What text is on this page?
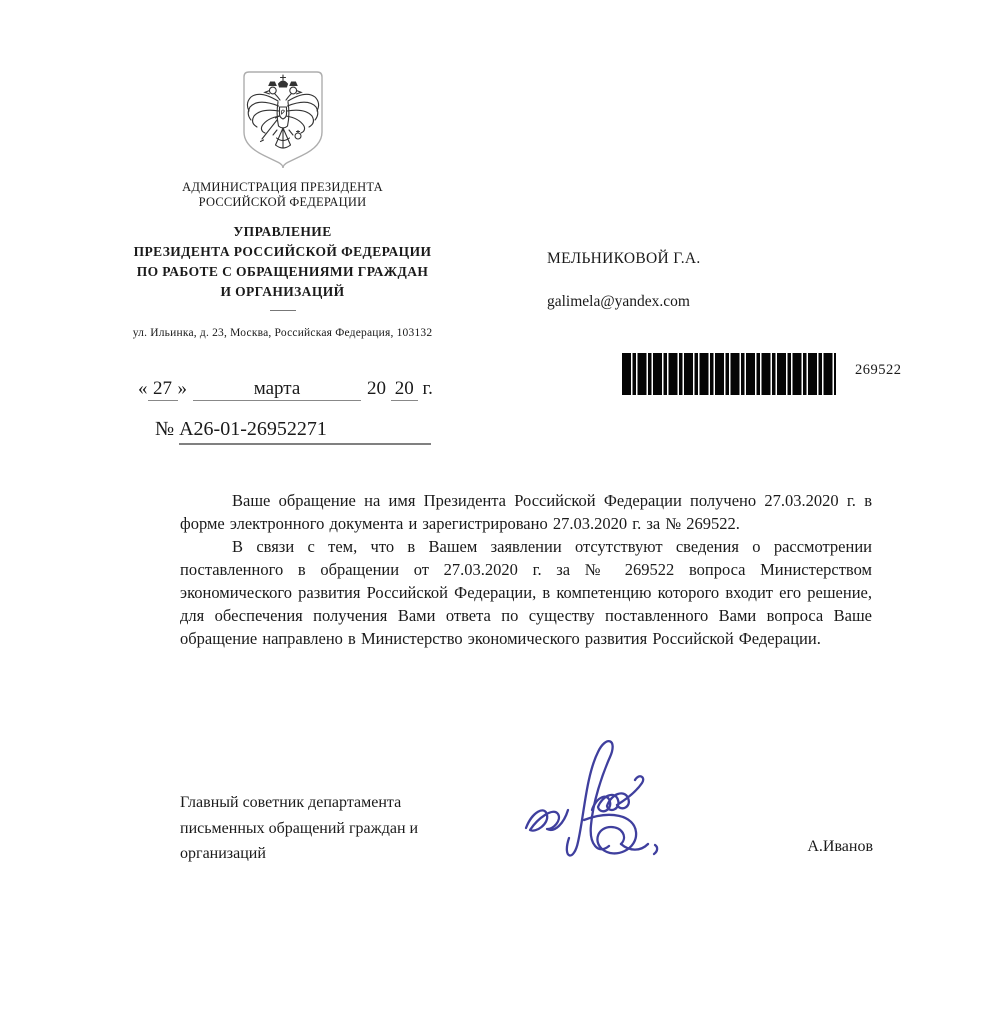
АДМИНИСТРАЦИЯ ПРЕЗИДЕНТА
РОССИЙСКОЙ ФЕДЕРАЦИИ
УПРАВЛЕНИЕ
ПРЕЗИДЕНТА РОССИЙСКОЙ ФЕДЕРАЦИИ
ПО РАБОТЕ С ОБРАЩЕНИЯМИ ГРАЖДАН
И ОРГАНИЗАЦИЙ
ул. Ильинка, д. 23, Москва, Российская Федерация, 103132
МЕЛЬНИКОВОЙ Г.А.
galimela@yandex.com
269522
« 27 »	марта	20 20 г.
№ А26-01-26952271

Ваше обращение на имя Президента Российской Федерации получено 27.03.2020 г. в форме электронного документа и зарегистрировано 27.03.2020 г. за № 269522.

В связи с тем, что в Вашем заявлении отсутствуют сведения о рассмотрении поставленного в обращении от 27.03.2020 г. за № 269522 вопроса Министерством экономического развития Российской Федерации, в компетенцию которого входит его решение, для обеспечения получения Вами ответа по существу поставленного Вами вопроса Ваше обращение направлено в Министерство экономического развития Российской Федерации.

Главный советник департамента
письменных обращений граждан и
организаций	А.Иванов
